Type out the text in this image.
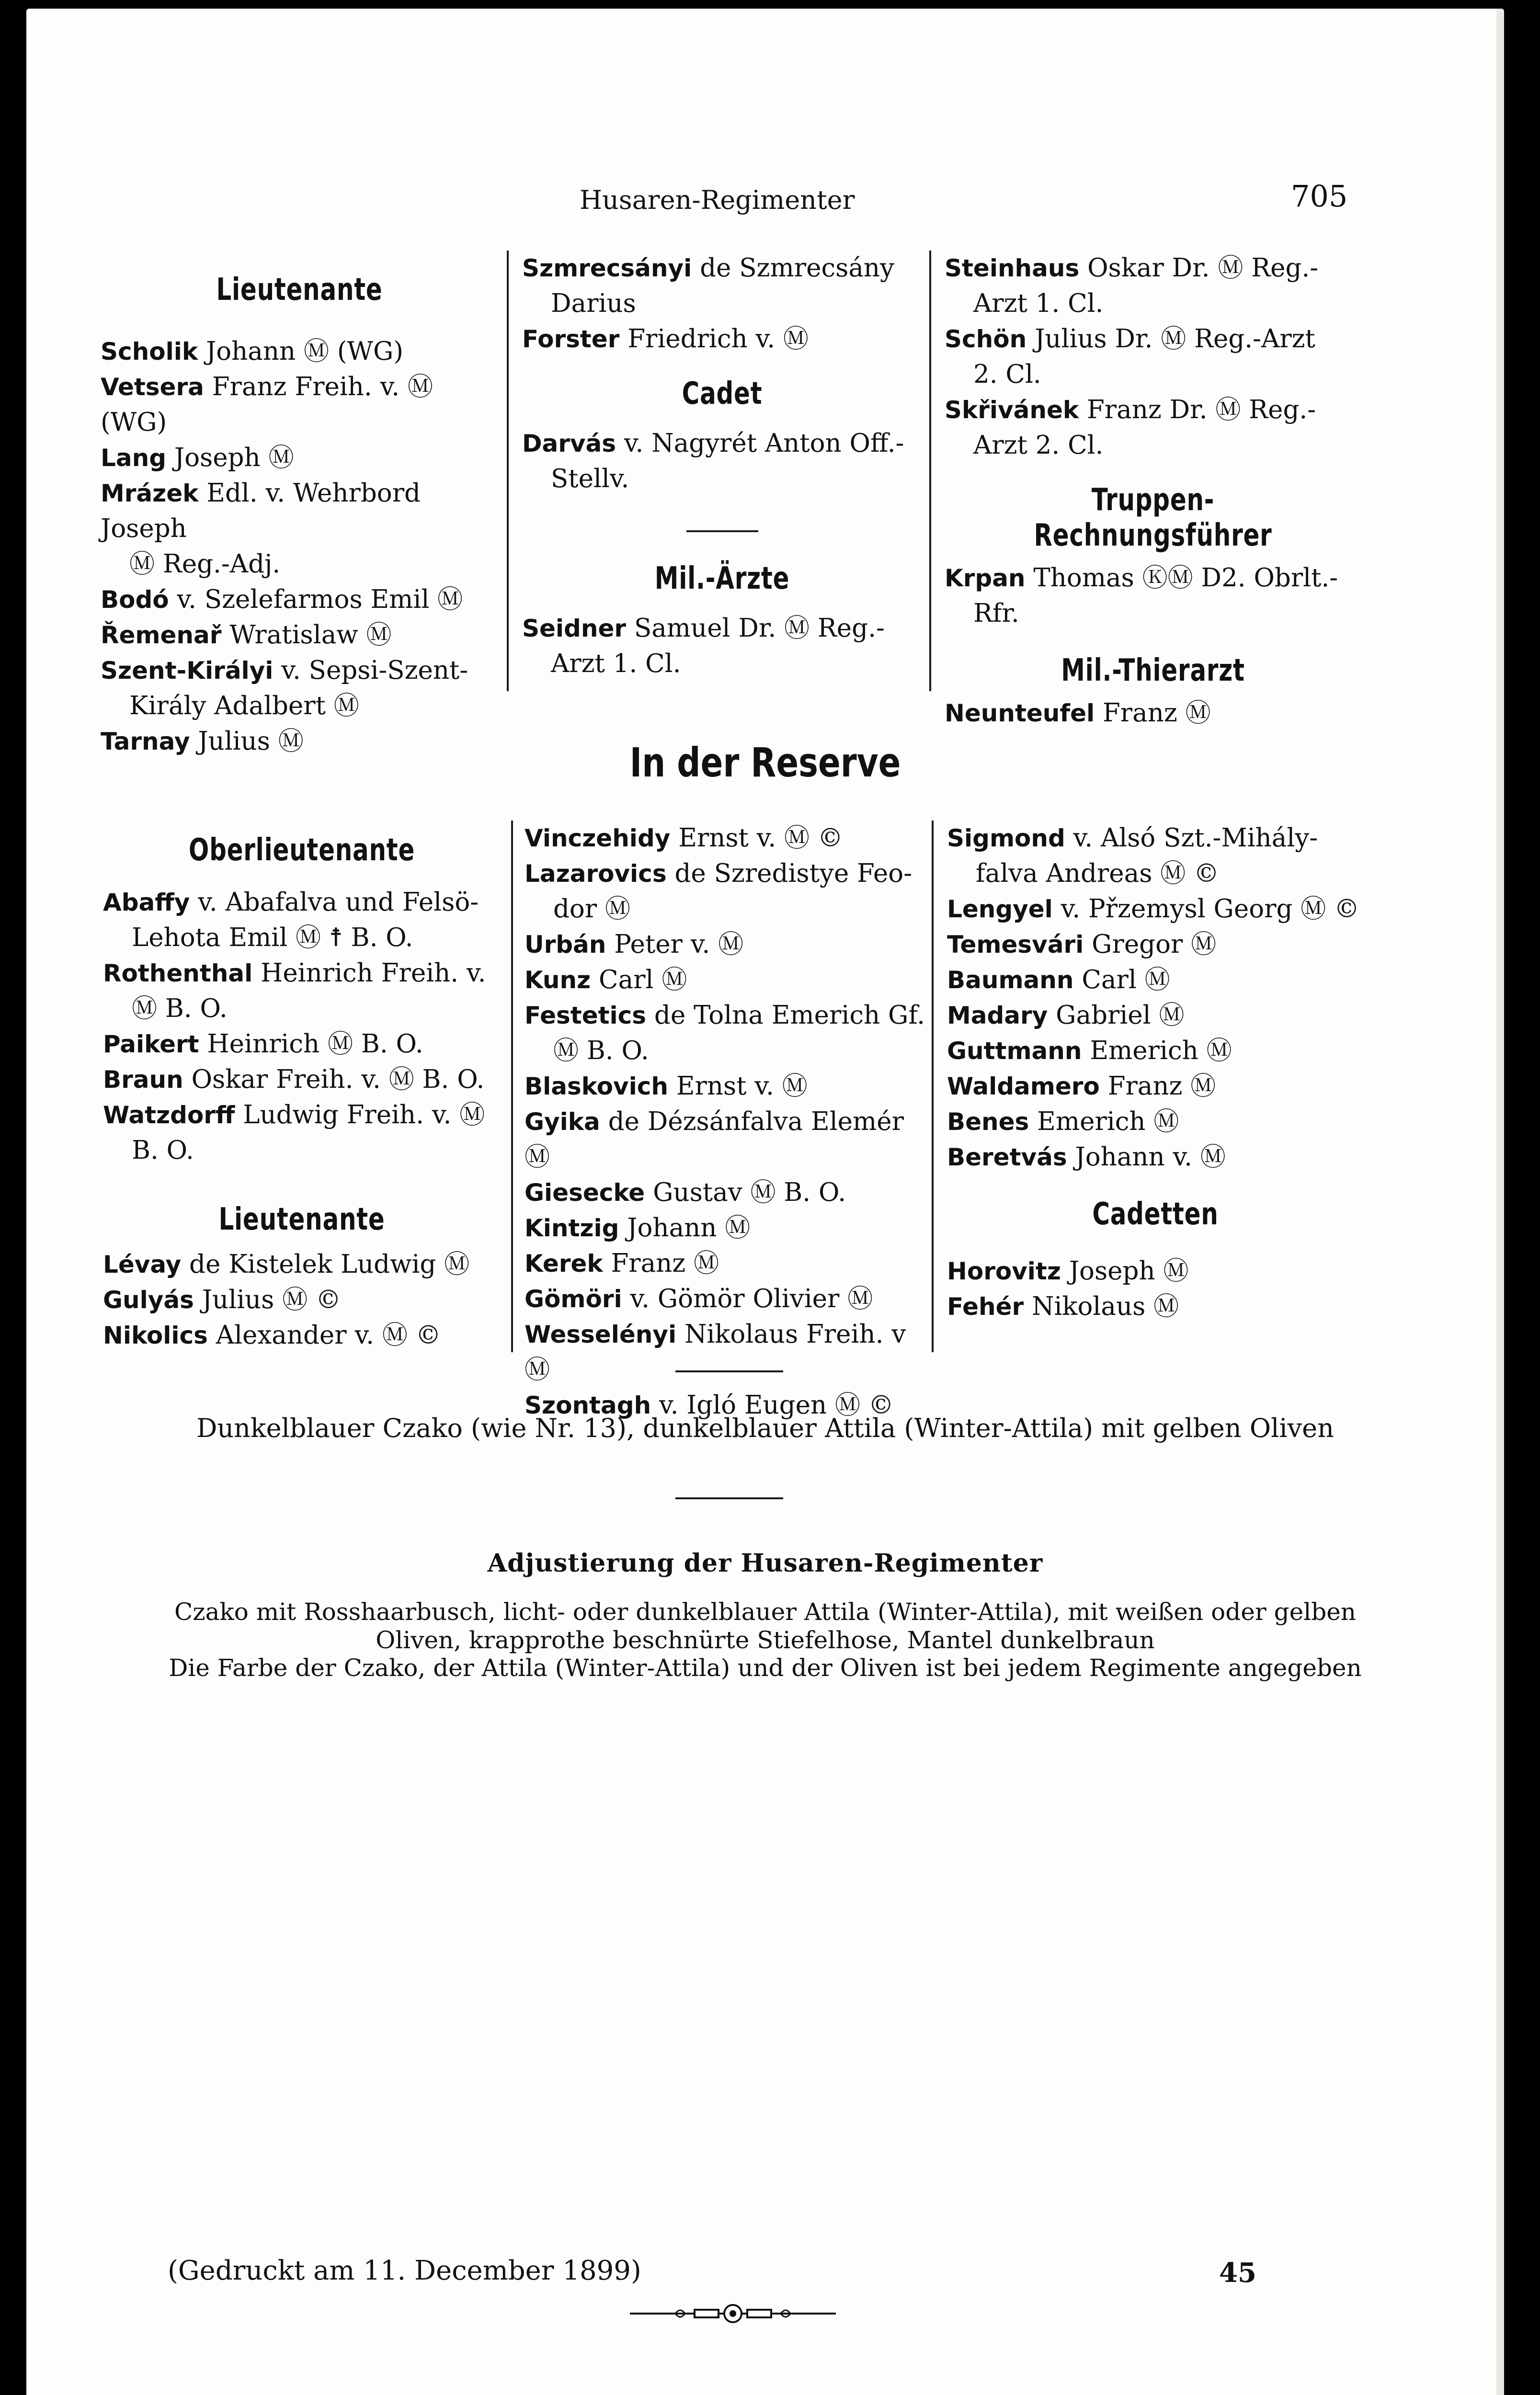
Husaren-Regimenter	705
Lieutenante
Scholik Johann Ⓜ (WG)
Vetsera Franz Freih. v. Ⓜ (WG)
Lang Joseph Ⓜ
Mrázek Edl. v. Wehrbord Joseph
Ⓜ Reg.-Adj.
Bodó v. Szelefarmos Emil Ⓜ
Řemenař Wratislaw Ⓜ
Szent-Királyi v. Sepsi-Szent-
Király Adalbert Ⓜ
Tarnay Julius Ⓜ
Szmrecsányi de Szmrecsány
Darius
Forster Friedrich v. Ⓜ
Cadet
Darvás v. Nagyrét Anton Off.-
Stellv.
Mil.-Ärzte
Seidner Samuel Dr. Ⓜ Reg.-
Arzt 1. Cl.
Steinhaus Oskar Dr. Ⓜ Reg.-
Arzt 1. Cl.
Schön Julius Dr. Ⓜ Reg.-Arzt
2. Cl.
Skřivánek Franz Dr. Ⓜ Reg.-
Arzt 2. Cl.
Truppen-Rechnungsführer
Krpan Thomas ⓀⓂ D2. Obrlt.-
Rfr.
Mil.-Thierarzt
Neunteufel Franz Ⓜ
In der Reserve
Oberlieutenante
Abaffy v. Abafalva und Felsö-
Lehota Emil Ⓜ ☨ B. O.
Rothenthal Heinrich Freih. v.
Ⓜ B. O.
Paikert Heinrich Ⓜ B. O.
Braun Oskar Freih. v. Ⓜ B. O.
Watzdorff Ludwig Freih. v. Ⓜ
B. O.
Lieutenante
Lévay de Kistelek Ludwig Ⓜ
Gulyás Julius Ⓜ ©
Nikolics Alexander v. Ⓜ ©
Vinczehidy Ernst v. Ⓜ ©
Lazarovics de Szredistye Feo-
dor Ⓜ
Urbán Peter v. Ⓜ
Kunz Carl Ⓜ
Festetics de Tolna Emerich Gf.
Ⓜ B. O.
Blaskovich Ernst v. Ⓜ
Gyika de Dézsánfalva Elemér Ⓜ
Giesecke Gustav Ⓜ B. O.
Kintzig Johann Ⓜ
Kerek Franz Ⓜ
Gömöri v. Gömör Olivier Ⓜ
Wesselényi Nikolaus Freih. v Ⓜ
Szontagh v. Igló Eugen Ⓜ ©
Sigmond v. Alsó Szt.-Mihály-
falva Andreas Ⓜ ©
Lengyel v. Přzemysl Georg Ⓜ ©
Temesvári Gregor Ⓜ
Baumann Carl Ⓜ
Madary Gabriel Ⓜ
Guttmann Emerich Ⓜ
Waldamero Franz Ⓜ
Benes Emerich Ⓜ
Beretvás Johann v. Ⓜ
Cadetten
Horovitz Joseph Ⓜ
Fehér Nikolaus Ⓜ
Dunkelblauer Czako (wie Nr. 13), dunkelblauer Attila (Winter-Attila) mit gelben Oliven
Adjustierung der Husaren-Regimenter
Czako mit Rosshaarbusch, licht- oder dunkelblauer Attila (Winter-Attila), mit weißen oder gelben
Oliven, krapprothe beschnürte Stiefelhose, Mantel dunkelbraun
Die Farbe der Czako, der Attila (Winter-Attila) und der Oliven ist bei jedem Regimente angegeben
(Gedruckt am 11. December 1899)	45
